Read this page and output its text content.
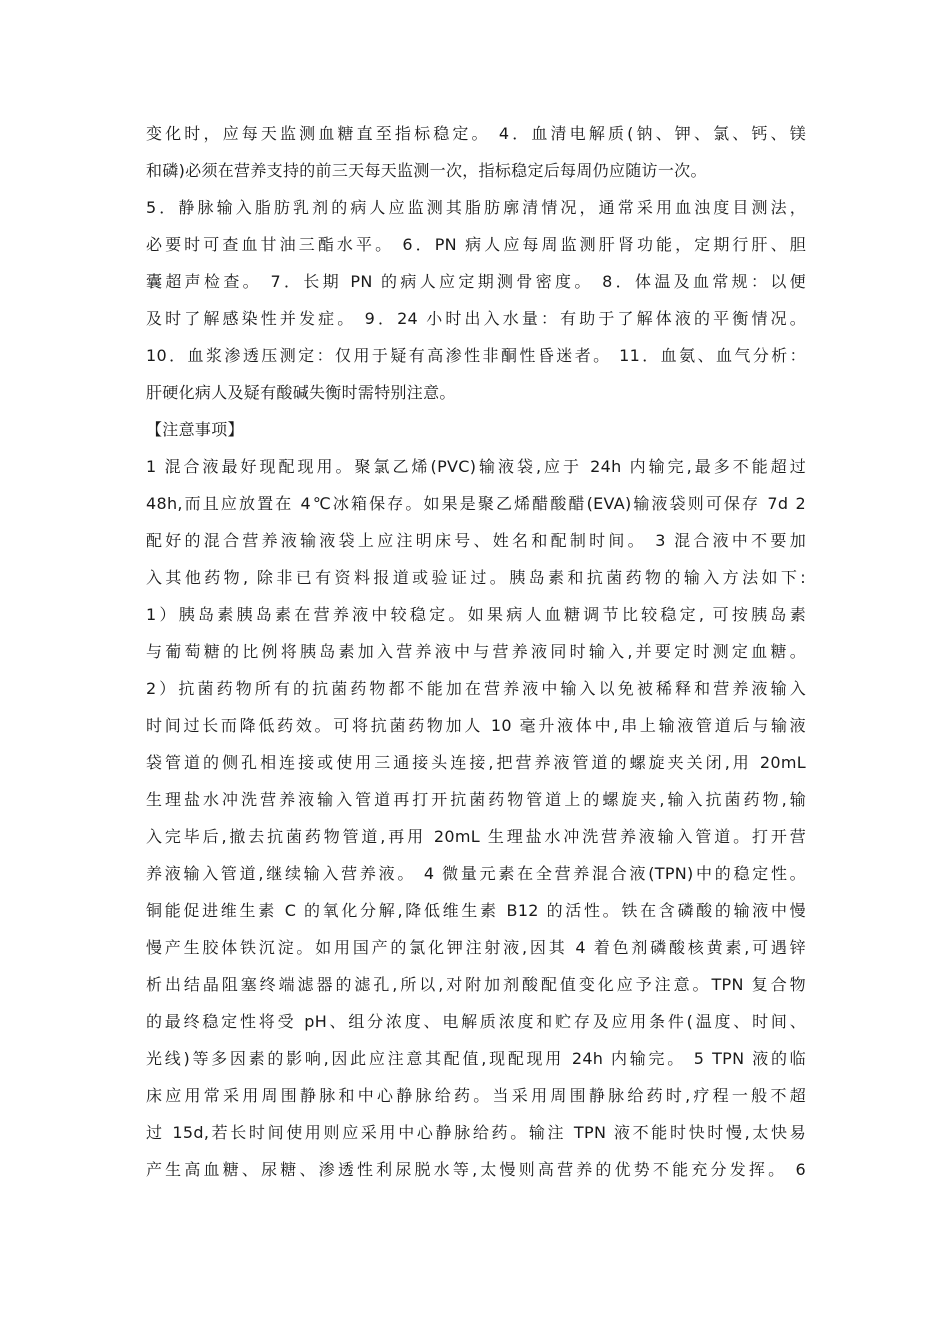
变化时，应每天监测血糖直至指标稳定。 4．血清电解质(钠、钾、氯、钙、镁
和磷)必须在营养支持的前三天每天监测一次，指标稳定后每周仍应随访一次。
5．静脉输入脂肪乳剂的病人应监测其脂肪廓清情况，通常采用血浊度目测法，
必要时可查血甘油三酯水平。 6．PN 病人应每周监测肝肾功能，定期行肝、胆
囊超声检查。 7．长期 PN 的病人应定期测骨密度。 8．体温及血常规：以便
及时了解感染性并发症。 9．24 小时出入水量：有助于了解体液的平衡情况。
10．血浆渗透压测定：仅用于疑有高渗性非酮性昏迷者。 11．血氨、血气分析：
肝硬化病人及疑有酸碱失衡时需特别注意。
【注意事项】
1 混合液最好现配现用。聚氯乙烯(PVC)输液袋,应于 24h 内输完,最多不能超过
48h,而且应放置在 4℃冰箱保存。如果是聚乙烯醋酸醋(EVA)输液袋则可保存 7d 2
配好的混合营养液输液袋上应注明床号、姓名和配制时间。 3 混合液中不要加
入其他药物, 除非已有资料报道或验证过。胰岛素和抗菌药物的输入方法如下:
1）胰岛素胰岛素在营养液中较稳定。如果病人血糖调节比较稳定, 可按胰岛素
与葡萄糖的比例将胰岛素加入营养液中与营养液同时输入,并要定时测定血糖。
2）抗菌药物所有的抗菌药物都不能加在营养液中输入以免被稀释和营养液输入
时间过长而降低药效。可将抗菌药物加人 10 毫升液体中,串上输液管道后与输液
袋管道的侧孔相连接或使用三通接头连接,把营养液管道的螺旋夹关闭,用 20mL
生理盐水冲洗营养液输入管道再打开抗菌药物管道上的螺旋夹,输入抗菌药物,输
入完毕后,撤去抗菌药物管道,再用 20mL 生理盐水冲洗营养液输入管道。打开营
养液输入管道,继续输入营养液。 4 微量元素在全营养混合液(TPN)中的稳定性。
铜能促进维生素 C 的氧化分解,降低维生素 B12 的活性。铁在含磷酸的输液中慢
慢产生胶体铁沉淀。如用国产的氯化钾注射液,因其 4 着色剂磷酸核黄素,可遇锌
析出结晶阻塞终端滤器的滤孔,所以,对附加剂酸配值变化应予注意。TPN 复合物
的最终稳定性将受 pH、组分浓度、电解质浓度和贮存及应用条件(温度、时间、
光线)等多因素的影响,因此应注意其配值,现配现用 24h 内输完。 5 TPN 液的临
床应用常采用周围静脉和中心静脉给药。当采用周围静脉给药时,疗程一般不超
过 15d,若长时间使用则应采用中心静脉给药。输注 TPN 液不能时快时慢,太快易
产生高血糖、尿糖、渗透性利尿脱水等,太慢则高营养的优势不能充分发挥。 6
